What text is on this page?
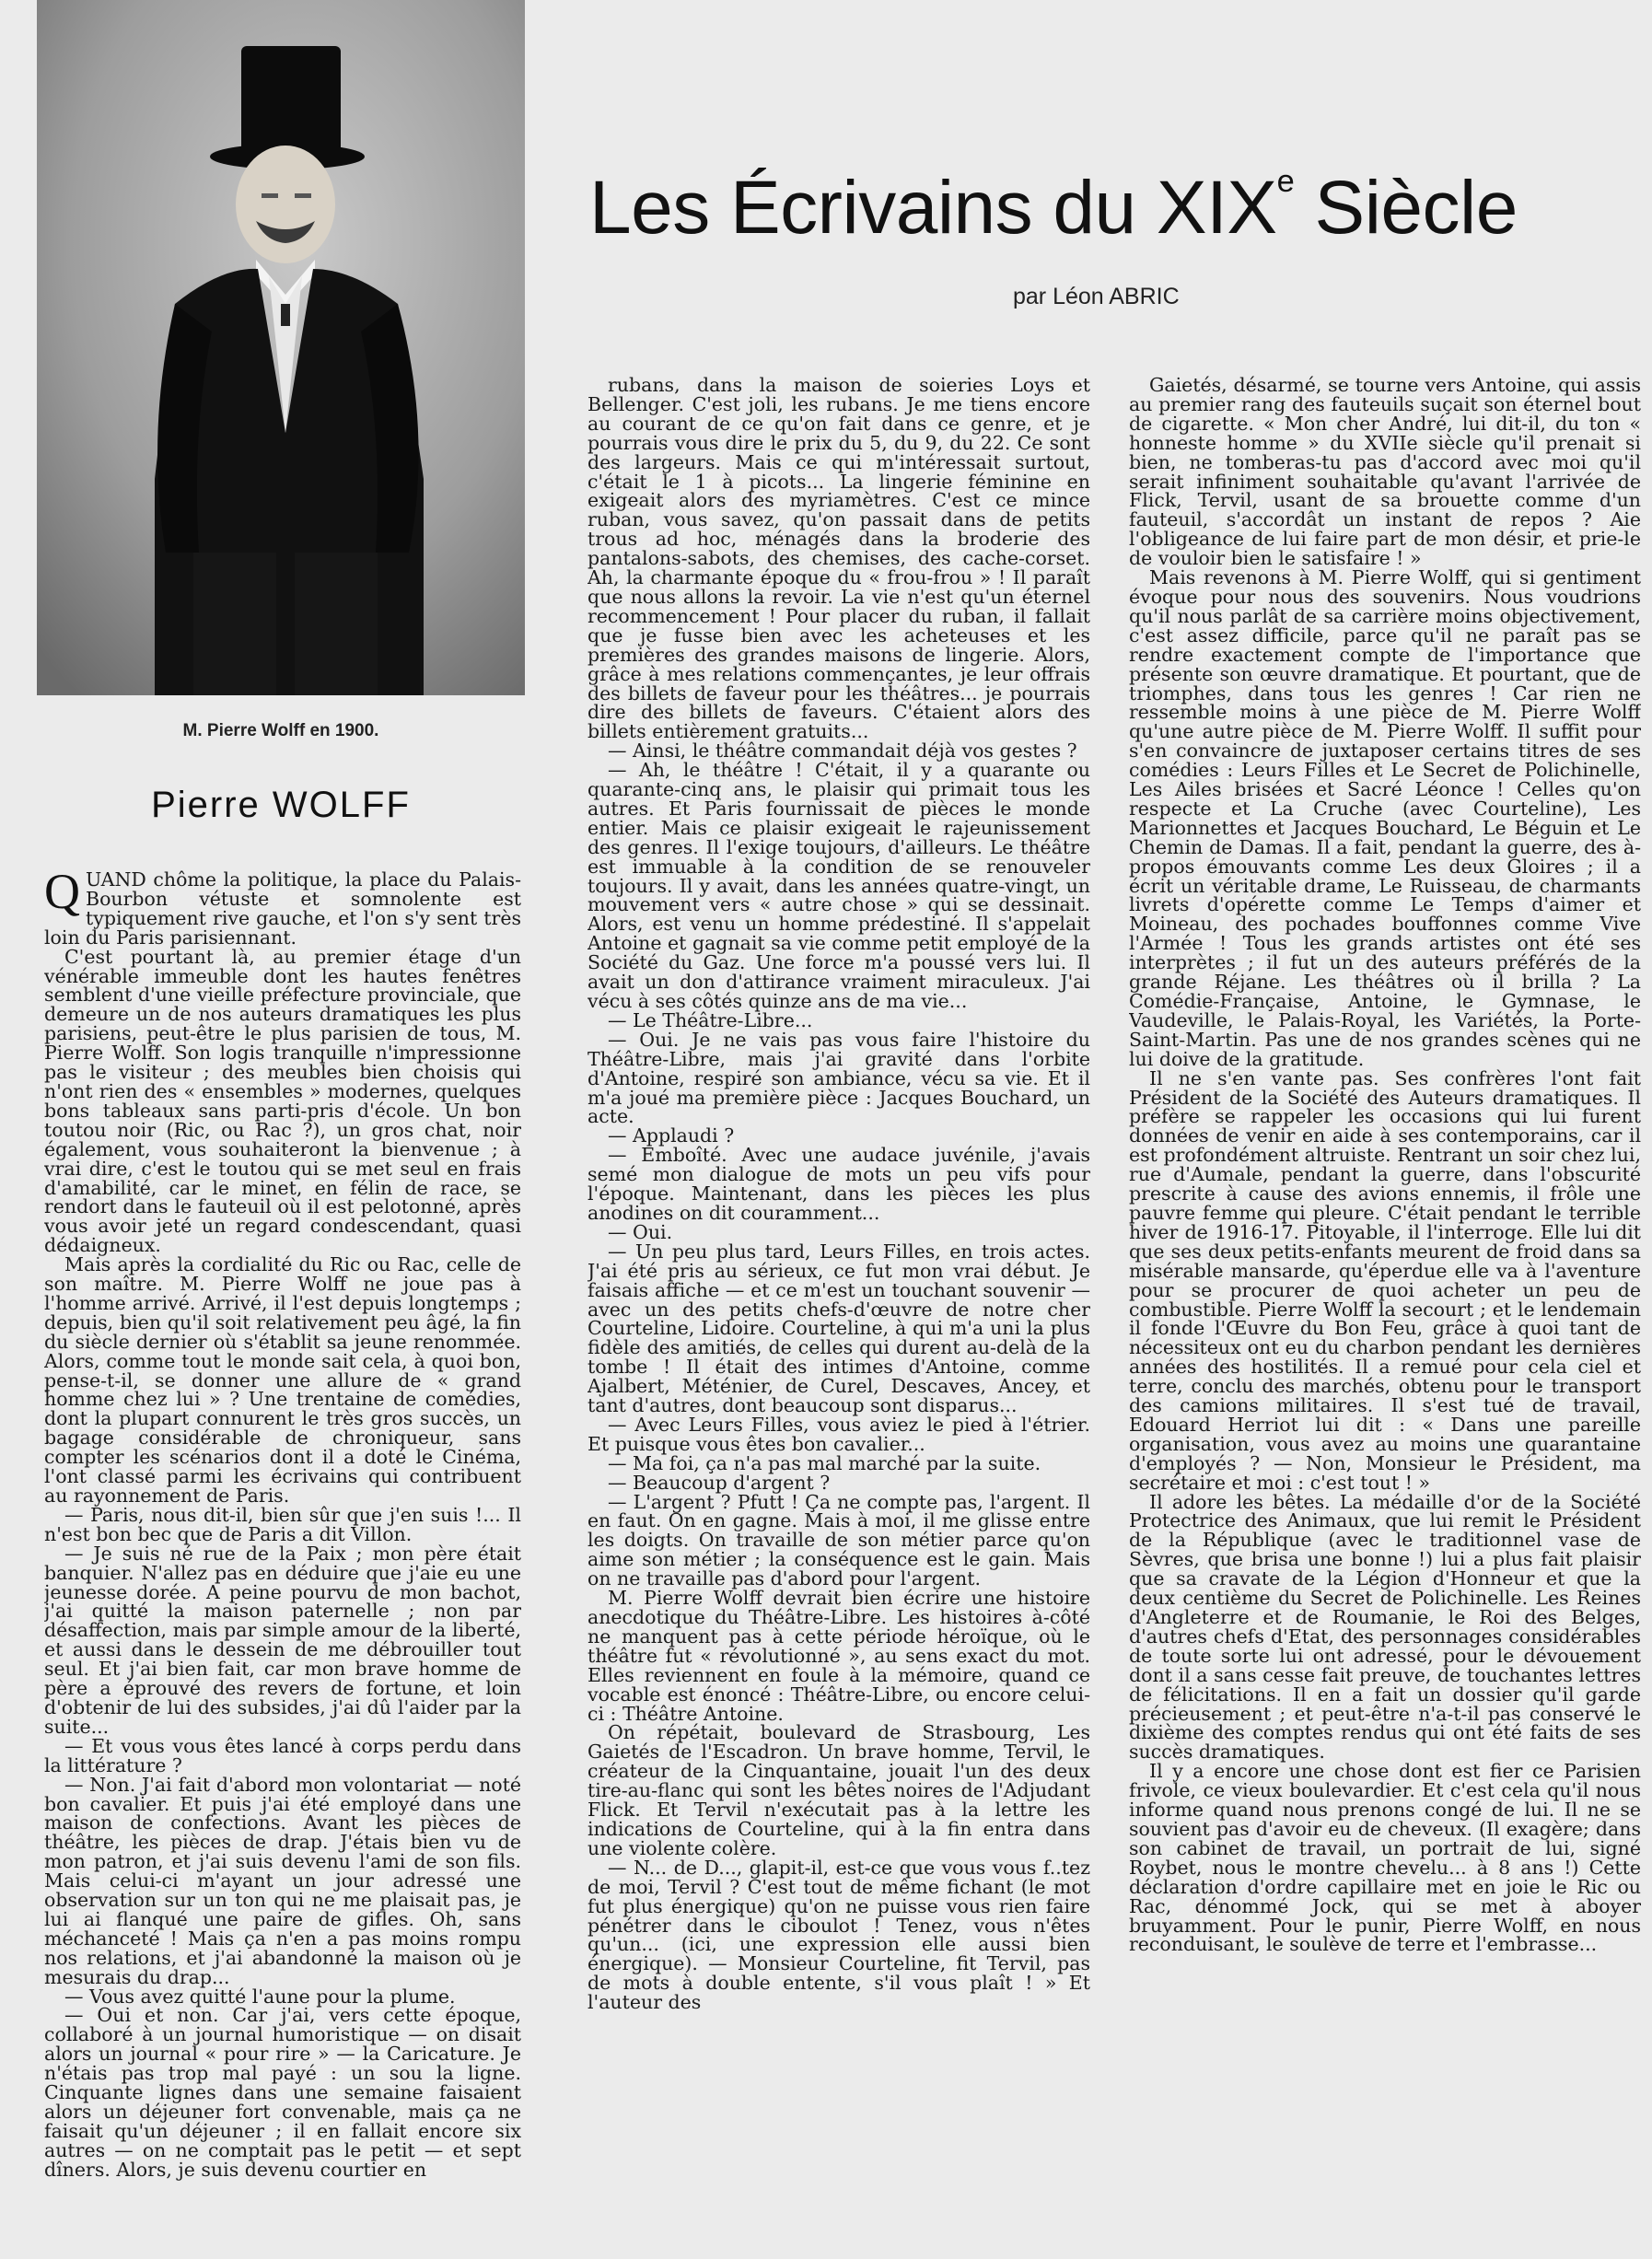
M. Pierre Wolff en 1900.
Pierre WOLFF
Les Écrivains du XIXe Siècle
par Léon ABRIC

QUAND chôme la politique, la place du Palais-Bourbon vétuste et somnolente est typiquement rive gauche, et l'on s'y sent très loin du Paris parisiennant.

C'est pourtant là, au premier étage d'un vénérable immeuble dont les hautes fenêtres semblent d'une vieille préfecture provinciale, que demeure un de nos auteurs dramatiques les plus parisiens, peut-être le plus parisien de tous, M. Pierre Wolff. Son logis tranquille n'impressionne pas le visiteur ; des meubles bien choisis qui n'ont rien des « ensembles » modernes, quelques bons tableaux sans parti-pris d'école. Un bon toutou noir (Ric, ou Rac ?), un gros chat, noir également, vous souhaiteront la bienvenue ; à vrai dire, c'est le toutou qui se met seul en frais d'amabilité, car le minet, en félin de race, se rendort dans le fauteuil où il est pelotonné, après vous avoir jeté un regard condescendant, quasi dédaigneux.

Mais après la cordialité du Ric ou Rac, celle de son maître. M. Pierre Wolff ne joue pas à l'homme arrivé. Arrivé, il l'est depuis longtemps ; depuis, bien qu'il soit relativement peu âgé, la fin du siècle dernier où s'établit sa jeune renommée. Alors, comme tout le monde sait cela, à quoi bon, pense-t-il, se donner une allure de « grand homme chez lui » ? Une trentaine de comédies, dont la plupart connurent le très gros succès, un bagage considérable de chroniqueur, sans compter les scénarios dont il a doté le Cinéma, l'ont classé parmi les écrivains qui contribuent au rayonnement de Paris.

— Paris, nous dit-il, bien sûr que j'en suis !... Il n'est bon bec que de Paris a dit Villon.

— Je suis né rue de la Paix ; mon père était banquier. N'allez pas en déduire que j'aie eu une jeunesse dorée. A peine pourvu de mon bachot, j'ai quitté la maison paternelle ; non par désaffection, mais par simple amour de la liberté, et aussi dans le dessein de me débrouiller tout seul. Et j'ai bien fait, car mon brave homme de père a éprouvé des revers de fortune, et loin d'obtenir de lui des subsides, j'ai dû l'aider par la suite...

— Et vous vous êtes lancé à corps perdu dans la littérature ?

— Non. J'ai fait d'abord mon volontariat — noté bon cavalier. Et puis j'ai été employé dans une maison de confections. Avant les pièces de théâtre, les pièces de drap. J'étais bien vu de mon patron, et j'ai suis devenu l'ami de son fils. Mais celui-ci m'ayant un jour adressé une observation sur un ton qui ne me plaisait pas, je lui ai flanqué une paire de gifles. Oh, sans méchanceté ! Mais ça n'en a pas moins rompu nos relations, et j'ai abandonné la maison où je mesurais du drap...

— Vous avez quitté l'aune pour la plume.

— Oui et non. Car j'ai, vers cette époque, collaboré à un journal humoristique — on disait alors un journal « pour rire » — la Caricature. Je n'étais pas trop mal payé : un sou la ligne. Cinquante lignes dans une semaine faisaient alors un déjeuner fort convenable, mais ça ne faisait qu'un déjeuner ; il en fallait encore six autres — on ne comptait pas le petit — et sept dîners. Alors, je suis devenu courtier en

rubans, dans la maison de soieries Loys et Bellenger. C'est joli, les rubans. Je me tiens encore au courant de ce qu'on fait dans ce genre, et je pourrais vous dire le prix du 5, du 9, du 22. Ce sont des largeurs. Mais ce qui m'intéressait surtout, c'était le 1 à picots... La lingerie féminine en exigeait alors des myriamètres. C'est ce mince ruban, vous savez, qu'on passait dans de petits trous ad hoc, ménagés dans la broderie des pantalons-sabots, des chemises, des cache-corset. Ah, la charmante époque du « frou-frou » ! Il paraît que nous allons la revoir. La vie n'est qu'un éternel recommencement ! Pour placer du ruban, il fallait que je fusse bien avec les acheteuses et les premières des grandes maisons de lingerie. Alors, grâce à mes relations commençantes, je leur offrais des billets de faveur pour les théâtres... je pourrais dire des billets de faveurs. C'étaient alors des billets entièrement gratuits...

— Ainsi, le théâtre commandait déjà vos gestes ?

— Ah, le théâtre ! C'était, il y a quarante ou quarante-cinq ans, le plaisir qui primait tous les autres. Et Paris fournissait de pièces le monde entier. Mais ce plaisir exigeait le rajeunissement des genres. Il l'exige toujours, d'ailleurs. Le théâtre est immuable à la condition de se renouveler toujours. Il y avait, dans les années quatre-vingt, un mouvement vers « autre chose » qui se dessinait. Alors, est venu un homme prédestiné. Il s'appelait Antoine et gagnait sa vie comme petit employé de la Société du Gaz. Une force m'a poussé vers lui. Il avait un don d'attirance vraiment miraculeux. J'ai vécu à ses côtés quinze ans de ma vie...

— Le Théâtre-Libre...

— Oui. Je ne vais pas vous faire l'histoire du Théâtre-Libre, mais j'ai gravité dans l'orbite d'Antoine, respiré son ambiance, vécu sa vie. Et il m'a joué ma première pièce : Jacques Bouchard, un acte.

— Applaudi ?

— Emboîté. Avec une audace juvénile, j'avais semé mon dialogue de mots un peu vifs pour l'époque. Maintenant, dans les pièces les plus anodines on dit couramment...

— Oui.

— Un peu plus tard, Leurs Filles, en trois actes. J'ai été pris au sérieux, ce fut mon vrai début. Je faisais affiche — et ce m'est un touchant souvenir — avec un des petits chefs-d'œuvre de notre cher Courteline, Lidoire. Courteline, à qui m'a uni la plus fidèle des amitiés, de celles qui durent au-delà de la tombe ! Il était des intimes d'Antoine, comme Ajalbert, Méténier, de Curel, Descaves, Ancey, et tant d'autres, dont beaucoup sont disparus...

— Avec Leurs Filles, vous aviez le pied à l'étrier. Et puisque vous êtes bon cavalier...

— Ma foi, ça n'a pas mal marché par la suite.

— Beaucoup d'argent ?

— L'argent ? Pfutt ! Ça ne compte pas, l'argent. Il en faut. On en gagne. Mais à moi, il me glisse entre les doigts. On travaille de son métier parce qu'on aime son métier ; la conséquence est le gain. Mais on ne travaille pas d'abord pour l'argent.

M. Pierre Wolff devrait bien écrire une histoire anecdotique du Théâtre-Libre. Les histoires à-côté ne manquent pas à cette période héroïque, où le théâtre fut « révolutionné », au sens exact du mot. Elles reviennent en foule à la mémoire, quand ce vocable est énoncé : Théâtre-Libre, ou encore celui-ci : Théâtre Antoine.

On répétait, boulevard de Strasbourg, Les Gaietés de l'Escadron. Un brave homme, Tervil, le créateur de la Cinquantaine, jouait l'un des deux tire-au-flanc qui sont les bêtes noires de l'Adjudant Flick. Et Tervil n'exécutait pas à la lettre les indications de Courteline, qui à la fin entra dans une violente colère.

— N... de D..., glapit-il, est-ce que vous vous f..tez de moi, Tervil ? C'est tout de même fichant (le mot fut plus énergique) qu'on ne puisse vous rien faire pénétrer dans le ciboulot ! Tenez, vous n'êtes qu'un... (ici, une expression elle aussi bien énergique). — Monsieur Courteline, fit Tervil, pas de mots à double entente, s'il vous plaît ! » Et l'auteur des

Gaietés, désarmé, se tourne vers Antoine, qui assis au premier rang des fauteuils suçait son éternel bout de cigarette. « Mon cher André, lui dit-il, du ton « honneste homme » du XVIIe siècle qu'il prenait si bien, ne tomberas-tu pas d'accord avec moi qu'il serait infiniment souhaitable qu'avant l'arrivée de Flick, Tervil, usant de sa brouette comme d'un fauteuil, s'accordât un instant de repos ? Aie l'obligeance de lui faire part de mon désir, et prie-le de vouloir bien le satisfaire ! »

Mais revenons à M. Pierre Wolff, qui si gentiment évoque pour nous des souvenirs. Nous voudrions qu'il nous parlât de sa carrière moins objectivement, c'est assez difficile, parce qu'il ne paraît pas se rendre exactement compte de l'importance que présente son œuvre dramatique. Et pourtant, que de triomphes, dans tous les genres ! Car rien ne ressemble moins à une pièce de M. Pierre Wolff qu'une autre pièce de M. Pierre Wolff. Il suffit pour s'en convaincre de juxtaposer certains titres de ses comédies : Leurs Filles et Le Secret de Polichinelle, Les Ailes brisées et Sacré Léonce ! Celles qu'on respecte et La Cruche (avec Courteline), Les Marionnettes et Jacques Bouchard, Le Béguin et Le Chemin de Damas. Il a fait, pendant la guerre, des à-propos émouvants comme Les deux Gloires ; il a écrit un véritable drame, Le Ruisseau, de charmants livrets d'opérette comme Le Temps d'aimer et Moineau, des pochades bouffonnes comme Vive l'Armée ! Tous les grands artistes ont été ses interprètes ; il fut un des auteurs préférés de la grande Réjane. Les théâtres où il brilla ? La Comédie-Française, Antoine, le Gymnase, le Vaudeville, le Palais-Royal, les Variétés, la Porte-Saint-Martin. Pas une de nos grandes scènes qui ne lui doive de la gratitude.

Il ne s'en vante pas. Ses confrères l'ont fait Président de la Société des Auteurs dramatiques. Il préfère se rappeler les occasions qui lui furent données de venir en aide à ses contemporains, car il est profondément altruiste. Rentrant un soir chez lui, rue d'Aumale, pendant la guerre, dans l'obscurité prescrite à cause des avions ennemis, il frôle une pauvre femme qui pleure. C'était pendant le terrible hiver de 1916-17. Pitoyable, il l'interroge. Elle lui dit que ses deux petits-enfants meurent de froid dans sa misérable mansarde, qu'éperdue elle va à l'aventure pour se procurer de quoi acheter un peu de combustible. Pierre Wolff la secourt ; et le lendemain il fonde l'Œuvre du Bon Feu, grâce à quoi tant de nécessiteux ont eu du charbon pendant les dernières années des hostilités. Il a remué pour cela ciel et terre, conclu des marchés, obtenu pour le transport des camions militaires. Il s'est tué de travail, Edouard Herriot lui dit : « Dans une pareille organisation, vous avez au moins une quarantaine d'employés ? — Non, Monsieur le Président, ma secrétaire et moi : c'est tout ! »

Il adore les bêtes. La médaille d'or de la Société Protectrice des Animaux, que lui remit le Président de la République (avec le traditionnel vase de Sèvres, que brisa une bonne !) lui a plus fait plaisir que sa cravate de la Légion d'Honneur et que la deux centième du Secret de Polichinelle. Les Reines d'Angleterre et de Roumanie, le Roi des Belges, d'autres chefs d'Etat, des personnages considérables de toute sorte lui ont adressé, pour le dévouement dont il a sans cesse fait preuve, de touchantes lettres de félicitations. Il en a fait un dossier qu'il garde précieusement ; et peut-être n'a-t-il pas conservé le dixième des comptes rendus qui ont été faits de ses succès dramatiques.

Il y a encore une chose dont est fier ce Parisien frivole, ce vieux boulevardier. Et c'est cela qu'il nous informe quand nous prenons congé de lui. Il ne se souvient pas d'avoir eu de cheveux. (Il exagère; dans son cabinet de travail, un portrait de lui, signé Roybet, nous le montre chevelu... à 8 ans !) Cette déclaration d'ordre capillaire met en joie le Ric ou Rac, dénommé Jock, qui se met à aboyer bruyamment. Pour le punir, Pierre Wolff, en nous reconduisant, le soulève de terre et l'embrasse...
